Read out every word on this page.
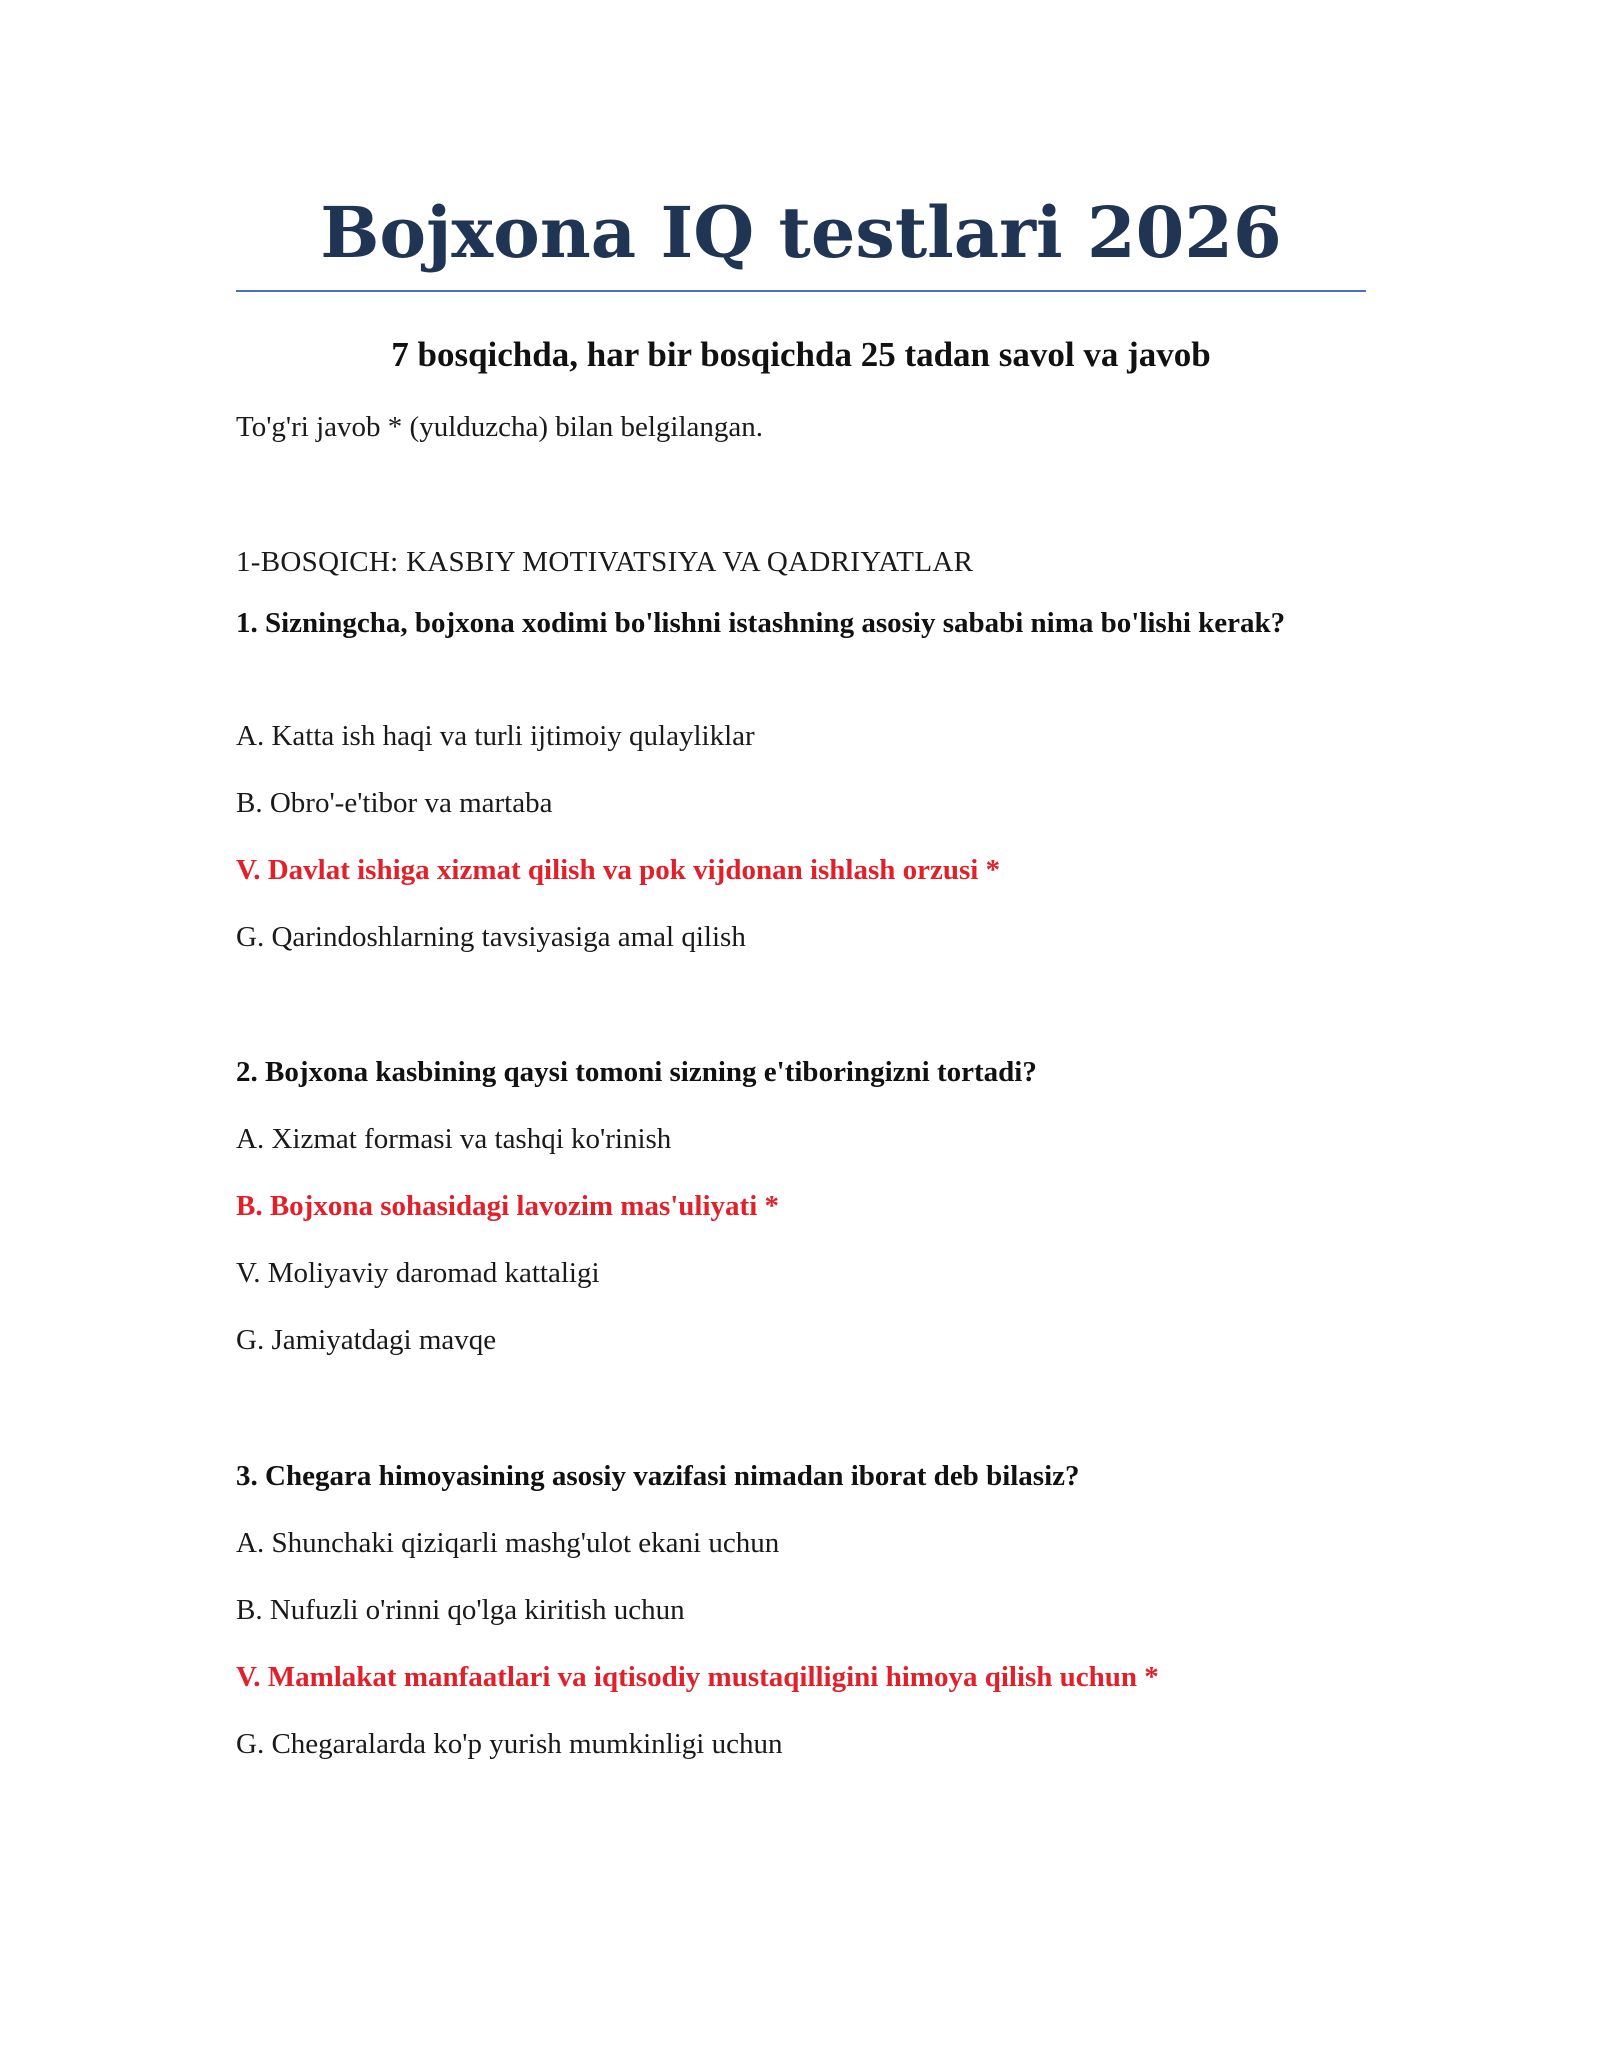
Bojxona IQ testlari 2026
7 bosqichda, har bir bosqichda 25 tadan savol va javob

To'g'ri javob * (yulduzcha) bilan belgilangan.

1-BOSQICH: KASBIY MOTIVATSIYA VA QADRIYATLAR

1. Sizningcha, bojxona xodimi bo'lishni istashning asosiy sababi nima bo'lishi kerak?

A. Katta ish haqi va turli ijtimoiy qulayliklar

B. Obro'-e'tibor va martaba

V. Davlat ishiga xizmat qilish va pok vijdonan ishlash orzusi *

G. Qarindoshlarning tavsiyasiga amal qilish

2. Bojxona kasbining qaysi tomoni sizning e'tiboringizni tortadi?

A. Xizmat formasi va tashqi ko'rinish

B. Bojxona sohasidagi lavozim mas'uliyati *

V. Moliyaviy daromad kattaligi

G. Jamiyatdagi mavqe

3. Chegara himoyasining asosiy vazifasi nimadan iborat deb bilasiz?

A. Shunchaki qiziqarli mashg'ulot ekani uchun

B. Nufuzli o'rinni qo'lga kiritish uchun

V. Mamlakat manfaatlari va iqtisodiy mustaqilligini himoya qilish uchun *

G. Chegaralarda ko'p yurish mumkinligi uchun
